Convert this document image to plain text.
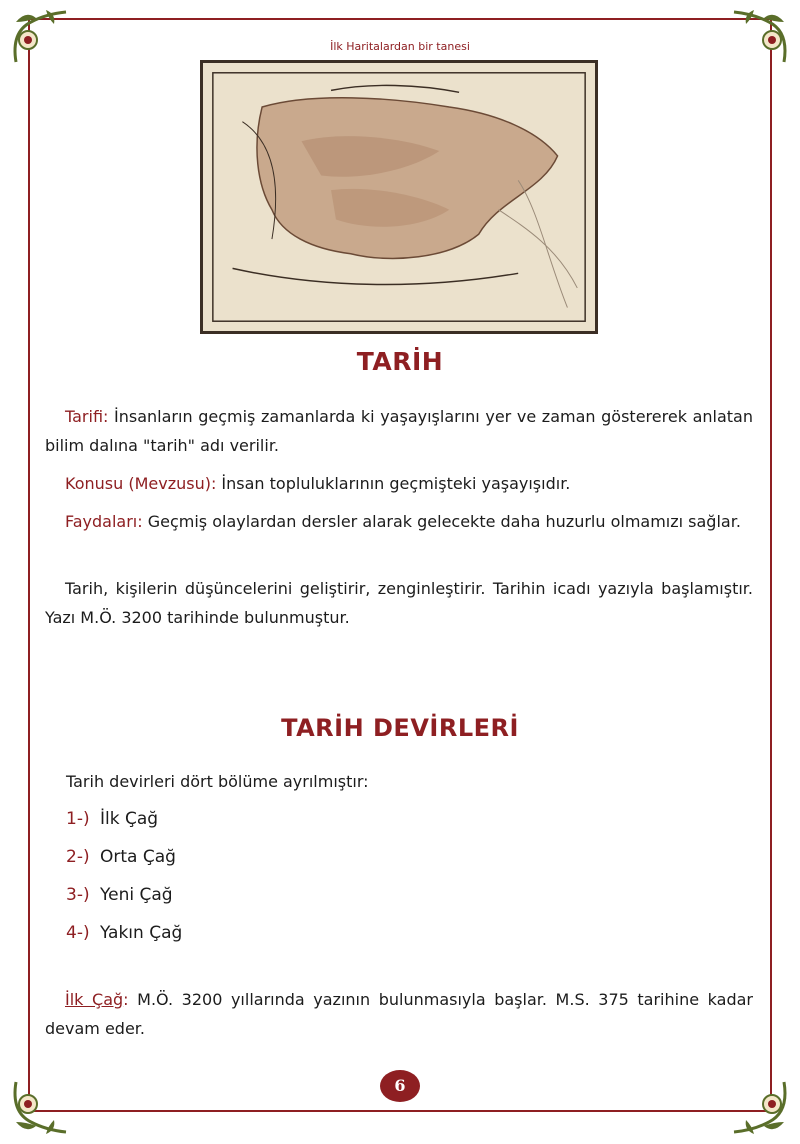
İlk Haritalardan bir tanesi
TARİH
Tarifi: İnsanların geçmiş zamanlarda ki yaşayışlarını yer ve zaman göstererek anlatan bilim dalına "tarih" adı verilir.
Konusu (Mevzusu): İnsan topluluklarının geçmişteki yaşayışıdır.
Faydaları: Geçmiş olaylardan dersler alarak gelecekte daha huzurlu olmamızı sağlar.
Tarih, kişilerin düşüncelerini geliştirir, zenginleştirir. Tarihin icadı yazıyla başlamıştır. Yazı M.Ö. 3200 tarihinde bulunmuştur.
TARİH DEVİRLERİ
Tarih devirleri dört bölüme ayrılmıştır:
1-) İlk Çağ
2-) Orta Çağ
3-) Yeni Çağ
4-) Yakın Çağ
İlk Çağ: M.Ö. 3200 yıllarında yazının bulunmasıyla başlar. M.S. 375 tarihine kadar devam eder.
6
